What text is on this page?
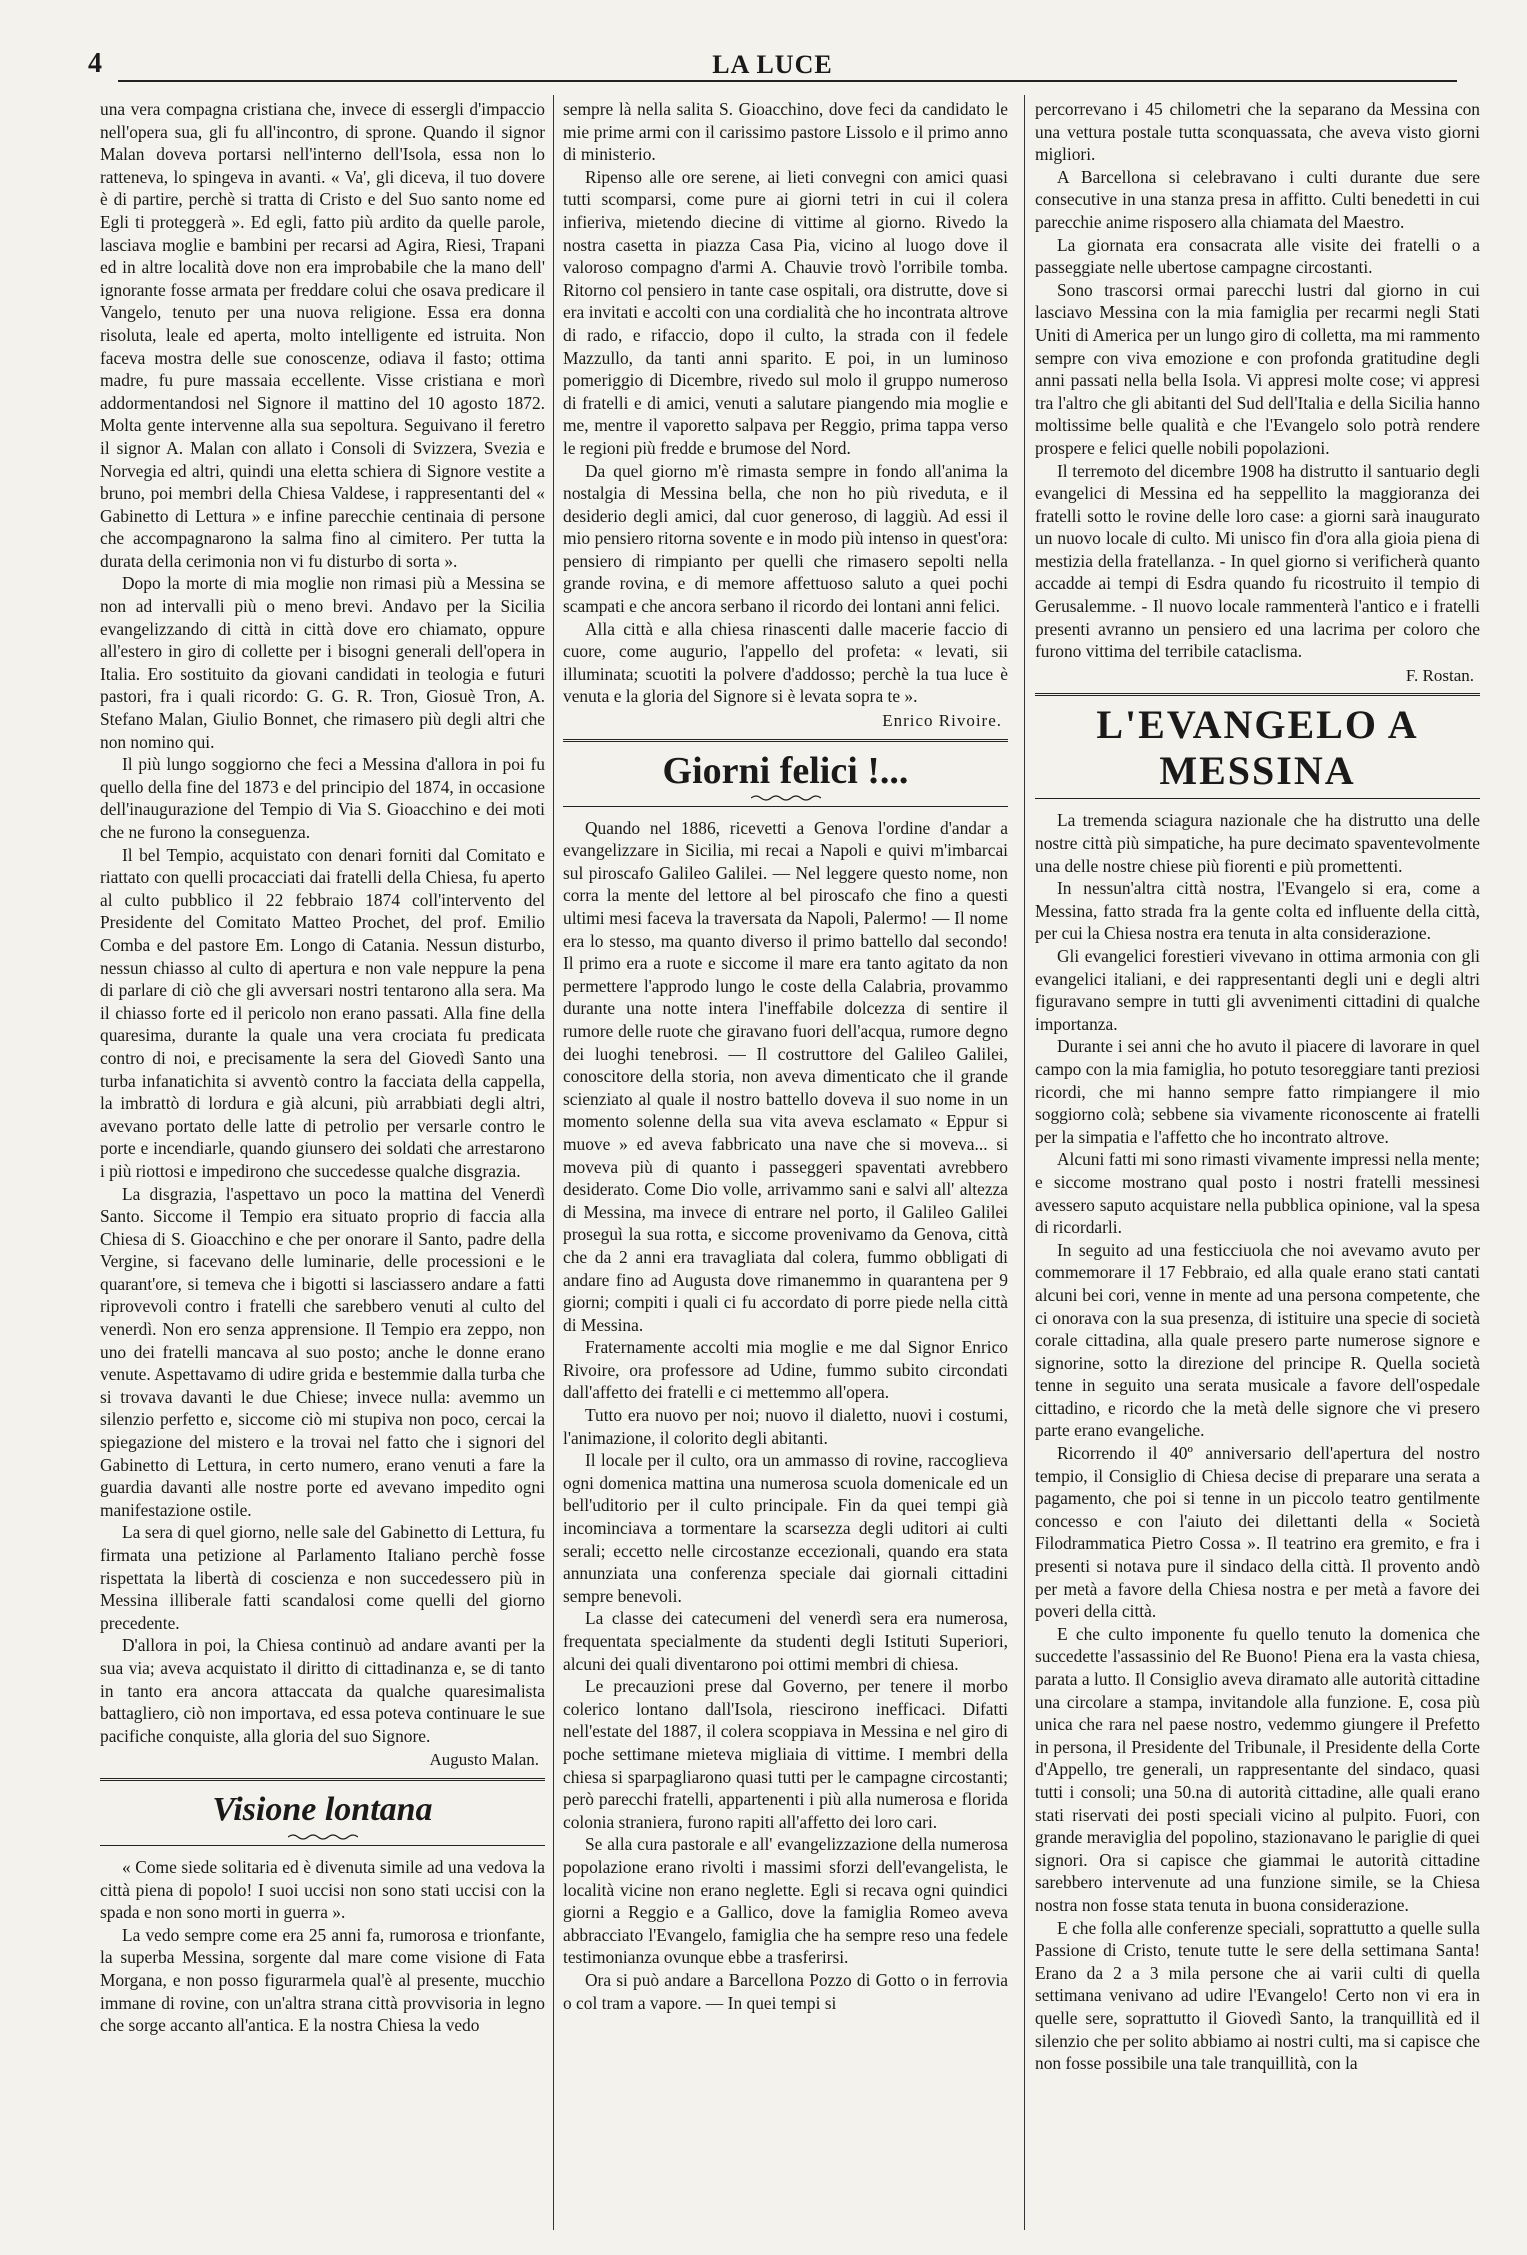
4	LA LUCE

una vera compagna cristiana che, invece di essergli d'impaccio nell'opera sua, gli fu all'incontro, di sprone. Quando il signor Malan doveva portarsi nell'interno dell'Isola, essa non lo ratteneva, lo spingeva in avanti. « Va', gli diceva, il tuo dovere è di partire, perchè si tratta di Cristo e del Suo santo nome ed Egli ti proteggerà ». Ed egli, fatto più ardito da quelle parole, lasciava moglie e bambini per recarsi ad Agira, Riesi, Trapani ed in altre località dove non era improbabile che la mano dell' ignorante fosse armata per freddare colui che osava predicare il Vangelo, tenuto per una nuova religione. Essa era donna risoluta, leale ed aperta, molto intelligente ed istruita. Non faceva mostra delle sue conoscenze, odiava il fasto; ottima madre, fu pure massaia eccellente. Visse cristiana e morì addormentandosi nel Signore il mattino del 10 agosto 1872. Molta gente intervenne alla sua sepoltura. Seguivano il feretro il signor A. Malan con allato i Consoli di Svizzera, Svezia e Norvegia ed altri, quindi una eletta schiera di Signore vestite a bruno, poi membri della Chiesa Valdese, i rappresentanti del « Gabinetto di Lettura » e infine parecchie centinaia di persone che accompagnarono la salma fino al cimitero. Per tutta la durata della cerimonia non vi fu disturbo di sorta ».

Dopo la morte di mia moglie non rimasi più a Messina se non ad intervalli più o meno brevi. Andavo per la Sicilia evangelizzando di città in città dove ero chiamato, oppure all'estero in giro di collette per i bisogni generali dell'opera in Italia. Ero sostituito da giovani candidati in teologia e futuri pastori, fra i quali ricordo: G. G. R. Tron, Giosuè Tron, A. Stefano Malan, Giulio Bonnet, che rimasero più degli altri che non nomino qui.

Il più lungo soggiorno che feci a Messina d'allora in poi fu quello della fine del 1873 e del principio del 1874, in occasione dell'inaugurazione del Tempio di Via S. Gioacchino e dei moti che ne furono la conseguenza.

Il bel Tempio, acquistato con denari forniti dal Comitato e riattato con quelli procacciati dai fratelli della Chiesa, fu aperto al culto pubblico il 22 febbraio 1874 coll'intervento del Presidente del Comitato Matteo Prochet, del prof. Emilio Comba e del pastore Em. Longo di Catania. Nessun disturbo, nessun chiasso al culto di apertura e non vale neppure la pena di parlare di ciò che gli avversari nostri tentarono alla sera. Ma il chiasso forte ed il pericolo non erano passati. Alla fine della quaresima, durante la quale una vera crociata fu predicata contro di noi, e precisamente la sera del Giovedì Santo una turba infanatichita si avventò contro la facciata della cappella, la imbrattò di lordura e già alcuni, più arrabbiati degli altri, avevano portato delle latte di petrolio per versarle contro le porte e incendiarle, quando giunsero dei soldati che arrestarono i più riottosi e impedirono che succedesse qualche disgrazia.

La disgrazia, l'aspettavo un poco la mattina del Venerdì Santo. Siccome il Tempio era situato proprio di faccia alla Chiesa di S. Gioacchino e che per onorare il Santo, padre della Vergine, si facevano delle luminarie, delle processioni e le quarant'ore, si temeva che i bigotti si lasciassero andare a fatti riprovevoli contro i fratelli che sarebbero venuti al culto del venerdì. Non ero senza apprensione. Il Tempio era zeppo, non uno dei fratelli mancava al suo posto; anche le donne erano venute. Aspettavamo di udire grida e bestemmie dalla turba che si trovava davanti le due Chiese; invece nulla: avemmo un silenzio perfetto e, siccome ciò mi stupiva non poco, cercai la spiegazione del mistero e la trovai nel fatto che i signori del Gabinetto di Lettura, in certo numero, erano venuti a fare la guardia davanti alle nostre porte ed avevano impedito ogni manifestazione ostile.

La sera di quel giorno, nelle sale del Gabinetto di Lettura, fu firmata una petizione al Parlamento Italiano perchè fosse rispettata la libertà di coscienza e non succedessero più in Messina illiberale fatti scandalosi come quelli del giorno precedente.

D'allora in poi, la Chiesa continuò ad andare avanti per la sua via; aveva acquistato il diritto di cittadinanza e, se di tanto in tanto era ancora attaccata da qualche quaresimalista battagliero, ciò non importava, ed essa poteva continuare le sue pacifiche conquiste, alla gloria del suo Signore.

Augusto Malan.
Visione lontana

« Come siede solitaria ed è divenuta simile ad una vedova la città piena di popolo! I suoi uccisi non sono stati uccisi con la spada e non sono morti in guerra ».

La vedo sempre come era 25 anni fa, rumorosa e trionfante, la superba Messina, sorgente dal mare come visione di Fata Morgana, e non posso figurarmela qual'è al presente, mucchio immane di rovine, con un'altra strana città provvisoria in legno che sorge accanto all'antica. E la nostra Chiesa la vedo

sempre là nella salita S. Gioacchino, dove feci da candidato le mie prime armi con il carissimo pastore Lissolo e il primo anno di ministerio.

Ripenso alle ore serene, ai lieti convegni con amici quasi tutti scomparsi, come pure ai giorni tetri in cui il colera infieriva, mietendo diecine di vittime al giorno. Rivedo la nostra casetta in piazza Casa Pia, vicino al luogo dove il valoroso compagno d'armi A. Chauvie trovò l'orribile tomba. Ritorno col pensiero in tante case ospitali, ora distrutte, dove si era invitati e accolti con una cordialità che ho incontrata altrove di rado, e rifaccio, dopo il culto, la strada con il fedele Mazzullo, da tanti anni sparito. E poi, in un luminoso pomeriggio di Dicembre, rivedo sul molo il gruppo numeroso di fratelli e di amici, venuti a salutare piangendo mia moglie e me, mentre il vaporetto salpava per Reggio, prima tappa verso le regioni più fredde e brumose del Nord.

Da quel giorno m'è rimasta sempre in fondo all'anima la nostalgia di Messina bella, che non ho più riveduta, e il desiderio degli amici, dal cuor generoso, di laggiù. Ad essi il mio pensiero ritorna sovente e in modo più intenso in quest'ora: pensiero di rimpianto per quelli che rimasero sepolti nella grande rovina, e di memore affettuoso saluto a quei pochi scampati e che ancora serbano il ricordo dei lontani anni felici.

Alla città e alla chiesa rinascenti dalle macerie faccio di cuore, come augurio, l'appello del profeta: « levati, sii illuminata; scuotiti la polvere d'addosso; perchè la tua luce è venuta e la gloria del Signore si è levata sopra te ».

Enrico Rivoire.
Giorni felici !...

Quando nel 1886, ricevetti a Genova l'ordine d'andar a evangelizzare in Sicilia, mi recai a Napoli e quivi m'imbarcai sul piroscafo Galileo Galilei. — Nel leggere questo nome, non corra la mente del lettore al bel piroscafo che fino a questi ultimi mesi faceva la traversata da Napoli, Palermo! — Il nome era lo stesso, ma quanto diverso il primo battello dal secondo! Il primo era a ruote e siccome il mare era tanto agitato da non permettere l'approdo lungo le coste della Calabria, provammo durante una notte intera l'ineffabile dolcezza di sentire il rumore delle ruote che giravano fuori dell'acqua, rumore degno dei luoghi tenebrosi. — Il costruttore del Galileo Galilei, conoscitore della storia, non aveva dimenticato che il grande scienziato al quale il nostro battello doveva il suo nome in un momento solenne della sua vita aveva esclamato « Eppur si muove » ed aveva fabbricato una nave che si moveva... si moveva più di quanto i passeggeri spaventati avrebbero desiderato. Come Dio volle, arrivammo sani e salvi all' altezza di Messina, ma invece di entrare nel porto, il Galileo Galilei proseguì la sua rotta, e siccome provenivamo da Genova, città che da 2 anni era travagliata dal colera, fummo obbligati di andare fino ad Augusta dove rimanemmo in quarantena per 9 giorni; compiti i quali ci fu accordato di porre piede nella città di Messina.

Fraternamente accolti mia moglie e me dal Signor Enrico Rivoire, ora professore ad Udine, fummo subito circondati dall'affetto dei fratelli e ci mettemmo all'opera.

Tutto era nuovo per noi; nuovo il dialetto, nuovi i costumi, l'animazione, il colorito degli abitanti.

Il locale per il culto, ora un ammasso di rovine, raccoglieva ogni domenica mattina una numerosa scuola domenicale ed un bell'uditorio per il culto principale. Fin da quei tempi già incominciava a tormentare la scarsezza degli uditori ai culti serali; eccetto nelle circostanze eccezionali, quando era stata annunziata una conferenza speciale dai giornali cittadini sempre benevoli.

La classe dei catecumeni del venerdì sera era numerosa, frequentata specialmente da studenti degli Istituti Superiori, alcuni dei quali diventarono poi ottimi membri di chiesa.

Le precauzioni prese dal Governo, per tenere il morbo colerico lontano dall'Isola, riescirono inefficaci. Difatti nell'estate del 1887, il colera scoppiava in Messina e nel giro di poche settimane mieteva migliaia di vittime. I membri della chiesa si sparpagliarono quasi tutti per le campagne circostanti; però parecchi fratelli, appartenenti i più alla numerosa e florida colonia straniera, furono rapiti all'affetto dei loro cari.

Se alla cura pastorale e all' evangelizzazione della numerosa popolazione erano rivolti i massimi sforzi dell'evangelista, le località vicine non erano neglette. Egli si recava ogni quindici giorni a Reggio e a Gallico, dove la famiglia Romeo aveva abbracciato l'Evangelo, famiglia che ha sempre reso una fedele testimonianza ovunque ebbe a trasferirsi.

Ora si può andare a Barcellona Pozzo di Gotto o in ferrovia o col tram a vapore. — In quei tempi si

percorrevano i 45 chilometri che la separano da Messina con una vettura postale tutta sconquassata, che aveva visto giorni migliori.

A Barcellona si celebravano i culti durante due sere consecutive in una stanza presa in affitto. Culti benedetti in cui parecchie anime risposero alla chiamata del Maestro.

La giornata era consacrata alle visite dei fratelli o a passeggiate nelle ubertose campagne circostanti.

Sono trascorsi ormai parecchi lustri dal giorno in cui lasciavo Messina con la mia famiglia per recarmi negli Stati Uniti di America per un lungo giro di colletta, ma mi rammento sempre con viva emozione e con profonda gratitudine degli anni passati nella bella Isola. Vi appresi molte cose; vi appresi tra l'altro che gli abitanti del Sud dell'Italia e della Sicilia hanno moltissime belle qualità e che l'Evangelo solo potrà rendere prospere e felici quelle nobili popolazioni.

Il terremoto del dicembre 1908 ha distrutto il santuario degli evangelici di Messina ed ha seppellito la maggioranza dei fratelli sotto le rovine delle loro case: a giorni sarà inaugurato un nuovo locale di culto. Mi unisco fin d'ora alla gioia piena di mestizia della fratellanza. - In quel giorno si verificherà quanto accadde ai tempi di Esdra quando fu ricostruito il tempio di Gerusalemme. - Il nuovo locale rammenterà l'antico e i fratelli presenti avranno un pensiero ed una lacrima per coloro che furono vittima del terribile cataclisma.

F. Rostan.
L'EVANGELO A MESSINA

La tremenda sciagura nazionale che ha distrutto una delle nostre città più simpatiche, ha pure decimato spaventevolmente una delle nostre chiese più fiorenti e più promettenti.

In nessun'altra città nostra, l'Evangelo si era, come a Messina, fatto strada fra la gente colta ed influente della città, per cui la Chiesa nostra era tenuta in alta considerazione.

Gli evangelici forestieri vivevano in ottima armonia con gli evangelici italiani, e dei rappresentanti degli uni e degli altri figuravano sempre in tutti gli avvenimenti cittadini di qualche importanza.

Durante i sei anni che ho avuto il piacere di lavorare in quel campo con la mia famiglia, ho potuto tesoreggiare tanti preziosi ricordi, che mi hanno sempre fatto rimpiangere il mio soggiorno colà; sebbene sia vivamente riconoscente ai fratelli per la simpatia e l'affetto che ho incontrato altrove.

Alcuni fatti mi sono rimasti vivamente impressi nella mente; e siccome mostrano qual posto i nostri fratelli messinesi avessero saputo acquistare nella pubblica opinione, val la spesa di ricordarli.

In seguito ad una festicciuola che noi avevamo avuto per commemorare il 17 Febbraio, ed alla quale erano stati cantati alcuni bei cori, venne in mente ad una persona competente, che ci onorava con la sua presenza, di istituire una specie di società corale cittadina, alla quale presero parte numerose signore e signorine, sotto la direzione del principe R. Quella società tenne in seguito una serata musicale a favore dell'ospedale cittadino, e ricordo che la metà delle signore che vi presero parte erano evangeliche.

Ricorrendo il 40º anniversario dell'apertura del nostro tempio, il Consiglio di Chiesa decise di preparare una serata a pagamento, che poi si tenne in un piccolo teatro gentilmente concesso e con l'aiuto dei dilettanti della « Società Filodrammatica Pietro Cossa ». Il teatrino era gremito, e fra i presenti si notava pure il sindaco della città. Il provento andò per metà a favore della Chiesa nostra e per metà a favore dei poveri della città.

E che culto imponente fu quello tenuto la domenica che succedette l'assassinio del Re Buono! Piena era la vasta chiesa, parata a lutto. Il Consiglio aveva diramato alle autorità cittadine una circolare a stampa, invitandole alla funzione. E, cosa più unica che rara nel paese nostro, vedemmo giungere il Prefetto in persona, il Presidente del Tribunale, il Presidente della Corte d'Appello, tre generali, un rappresentante del sindaco, quasi tutti i consoli; una 50.na di autorità cittadine, alle quali erano stati riservati dei posti speciali vicino al pulpito. Fuori, con grande meraviglia del popolino, stazionavano le pariglie di quei signori. Ora si capisce che giammai le autorità cittadine sarebbero intervenute ad una funzione simile, se la Chiesa nostra non fosse stata tenuta in buona considerazione.

E che folla alle conferenze speciali, soprattutto a quelle sulla Passione di Cristo, tenute tutte le sere della settimana Santa! Erano da 2 a 3 mila persone che ai varii culti di quella settimana venivano ad udire l'Evangelo! Certo non vi era in quelle sere, soprattutto il Giovedì Santo, la tranquillità ed il silenzio che per solito abbiamo ai nostri culti, ma si capisce che non fosse possibile una tale tranquillità, con la
